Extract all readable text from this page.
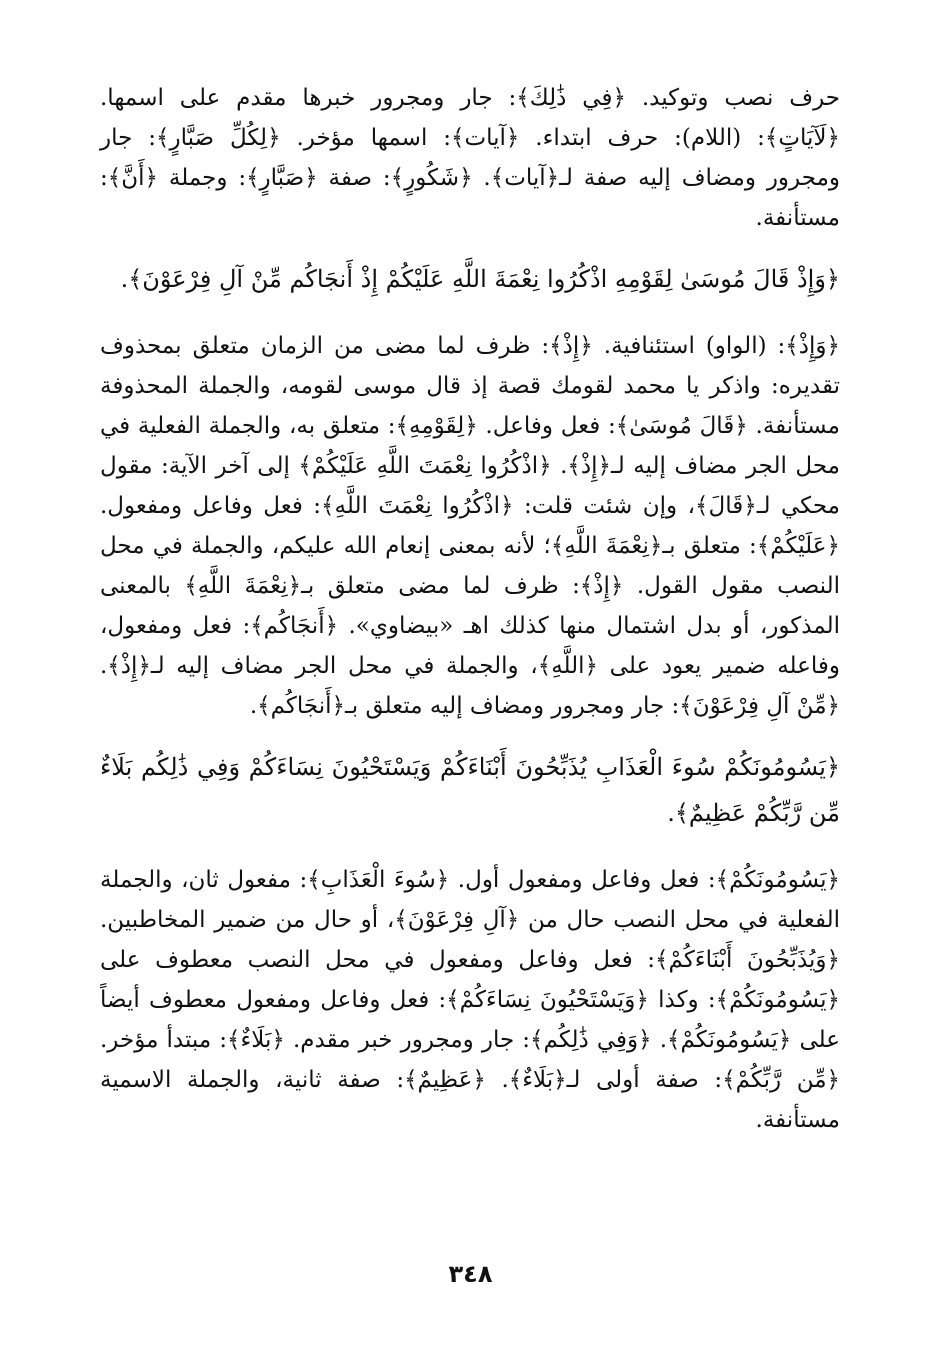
حرف نصب وتوكيد. ﴿فِي ذَٰلِكَ﴾: جار ومجرور خبرها مقدم على اسمها. ﴿لَآيَاتٍ﴾: (اللام): حرف ابتداء. ﴿آيات﴾: اسمها مؤخر. ﴿لِكُلِّ صَبَّارٍ﴾: جار ومجرور ومضاف إليه صفة لـ﴿آيات﴾. ﴿شَكُورٍ﴾: صفة ﴿صَبَّارٍ﴾: وجملة ﴿أَنَّ﴾: مستأنفة.

﴿وَإِذْ قَالَ مُوسَىٰ لِقَوْمِهِ اذْكُرُوا نِعْمَةَ اللَّهِ عَلَيْكُمْ إِذْ أَنجَاكُم مِّنْ آلِ فِرْعَوْنَ﴾.

﴿وَإِذْ﴾: (الواو) استئنافية. ﴿إِذْ﴾: ظرف لما مضى من الزمان متعلق بمحذوف تقديره: واذكر يا محمد لقومك قصة إذ قال موسى لقومه، والجملة المحذوفة مستأنفة. ﴿قَالَ مُوسَىٰ﴾: فعل وفاعل. ﴿لِقَوْمِهِ﴾: متعلق به، والجملة الفعلية في محل الجر مضاف إليه لـ﴿إِذْ﴾. ﴿اذْكُرُوا نِعْمَتَ اللَّهِ عَلَيْكُمْ﴾ إلى آخر الآية: مقول محكي لـ﴿قَالَ﴾، وإن شئت قلت: ﴿اذْكُرُوا نِعْمَتَ اللَّهِ﴾: فعل وفاعل ومفعول. ﴿عَلَيْكُمْ﴾: متعلق بـ﴿نِعْمَةَ اللَّهِ﴾؛ لأنه بمعنى إنعام الله عليكم، والجملة في محل النصب مقول القول. ﴿إِذْ﴾: ظرف لما مضى متعلق بـ﴿نِعْمَةَ اللَّهِ﴾ بالمعنى المذكور، أو بدل اشتمال منها كذلك اهـ «بيضاوي». ﴿أَنجَاكُم﴾: فعل ومفعول، وفاعله ضمير يعود على ﴿اللَّهِ﴾، والجملة في محل الجر مضاف إليه لـ﴿إِذْ﴾. ﴿مِّنْ آلِ فِرْعَوْنَ﴾: جار ومجرور ومضاف إليه متعلق بـ﴿أَنجَاكُم﴾.

﴿يَسُومُونَكُمْ سُوءَ الْعَذَابِ يُذَبِّحُونَ أَبْنَاءَكُمْ وَيَسْتَحْيُونَ نِسَاءَكُمْ وَفِي ذَٰلِكُم بَلَاءٌ مِّن رَّبِّكُمْ عَظِيمٌ﴾.

﴿يَسُومُونَكُمْ﴾: فعل وفاعل ومفعول أول. ﴿سُوءَ الْعَذَابِ﴾: مفعول ثان، والجملة الفعلية في محل النصب حال من ﴿آلِ فِرْعَوْنَ﴾، أو حال من ضمير المخاطبين. ﴿وَيُذَبِّحُونَ أَبْنَاءَكُمْ﴾: فعل وفاعل ومفعول في محل النصب معطوف على ﴿يَسُومُونَكُمْ﴾: وكذا ﴿وَيَسْتَحْيُونَ نِسَاءَكُمْ﴾: فعل وفاعل ومفعول معطوف أيضاً على ﴿يَسُومُونَكُمْ﴾. ﴿وَفِي ذَٰلِكُم﴾: جار ومجرور خبر مقدم. ﴿بَلَاءٌ﴾: مبتدأ مؤخر. ﴿مِّن رَّبِّكُمْ﴾: صفة أولى لـ﴿بَلَاءٌ﴾. ﴿عَظِيمٌ﴾: صفة ثانية، والجملة الاسمية مستأنفة.

٣٤٨
